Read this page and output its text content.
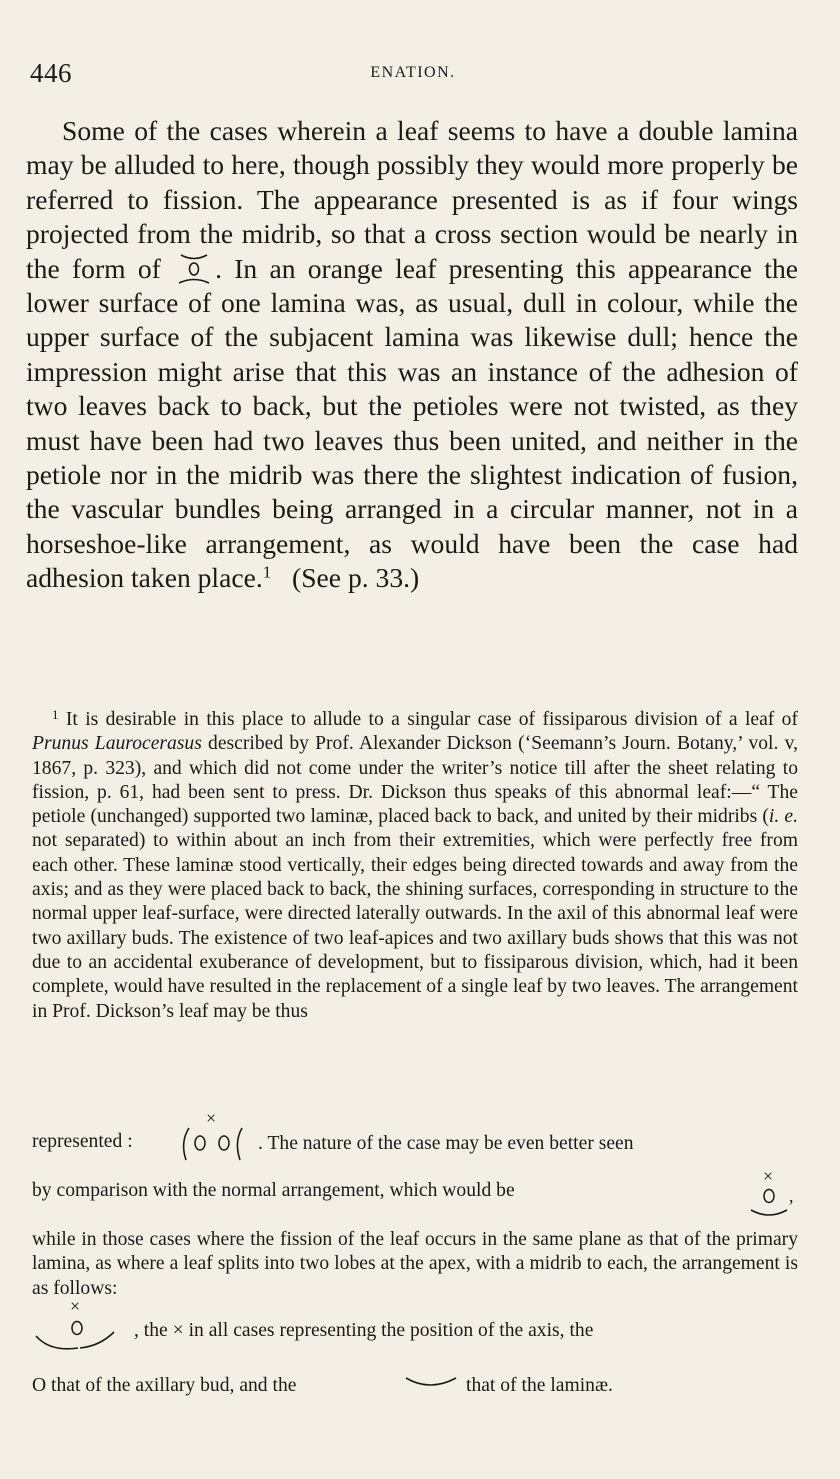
446	ENATION.

Some of the cases wherein a leaf seems to have a double lamina may be alluded to here, though possibly they would more properly be referred to fission. The appearance presented is as if four wings projected from the midrib, so that a cross section would be nearly in the form of . In an orange leaf presenting this appearance the lower surface of one lamina was, as usual, dull in colour, while the upper surface of the subjacent lamina was likewise dull; hence the impression might arise that this was an instance of the adhesion of two leaves back to back, but the petioles were not twisted, as they must have been had two leaves thus been united, and neither in the petiole nor in the midrib was there the slightest indication of fusion, the vascular bundles being arranged in a circular manner, not in a horseshoe-like arrangement, as would have been the case had adhesion taken place.$^1$ (See p. 33.)

$^1$ It is desirable in this place to allude to a singular case of fissiparous division of a leaf of Prunus Laurocerasus described by Prof. Alexander Dickson (‘Seemann’s Journ. Botany,’ vol. v, 1867, p. 323), and which did not come under the writer’s notice till after the sheet relating to fission, p. 61, had been sent to press. Dr. Dickson thus speaks of this abnormal leaf:—“ The petiole (unchanged) supported two laminæ, placed back to back, and united by their midribs (i. e. not separated) to within about an inch from their extremities, which were perfectly free from each other. These laminæ stood vertically, their edges being directed towards and away from the axis; and as they were placed back to back, the shining surfaces, corresponding in structure to the normal upper leaf-surface, were directed laterally outwards. In the axil of this abnormal leaf were two axillary buds. The existence of two leaf-apices and two axillary buds shows that this was not due to an accidental exuberance of development, but to fissiparous division, which, had it been complete, would have resulted in the replacement of a single leaf by two leaves. The arrangement in Prof. Dickson’s leaf may be thus

represented :
×
. The nature of the case may be even better seen
by comparison with the normal arrangement, which would be
×
,
while in those cases where the fission of the leaf occurs in the same plane as that of the primary lamina, as where a leaf splits into two lobes at the apex, with a midrib to each, the arrangement is as follows:
×
, the × in all cases representing the position of the axis, the
O that of the axillary bud, and the	that of the laminæ.
